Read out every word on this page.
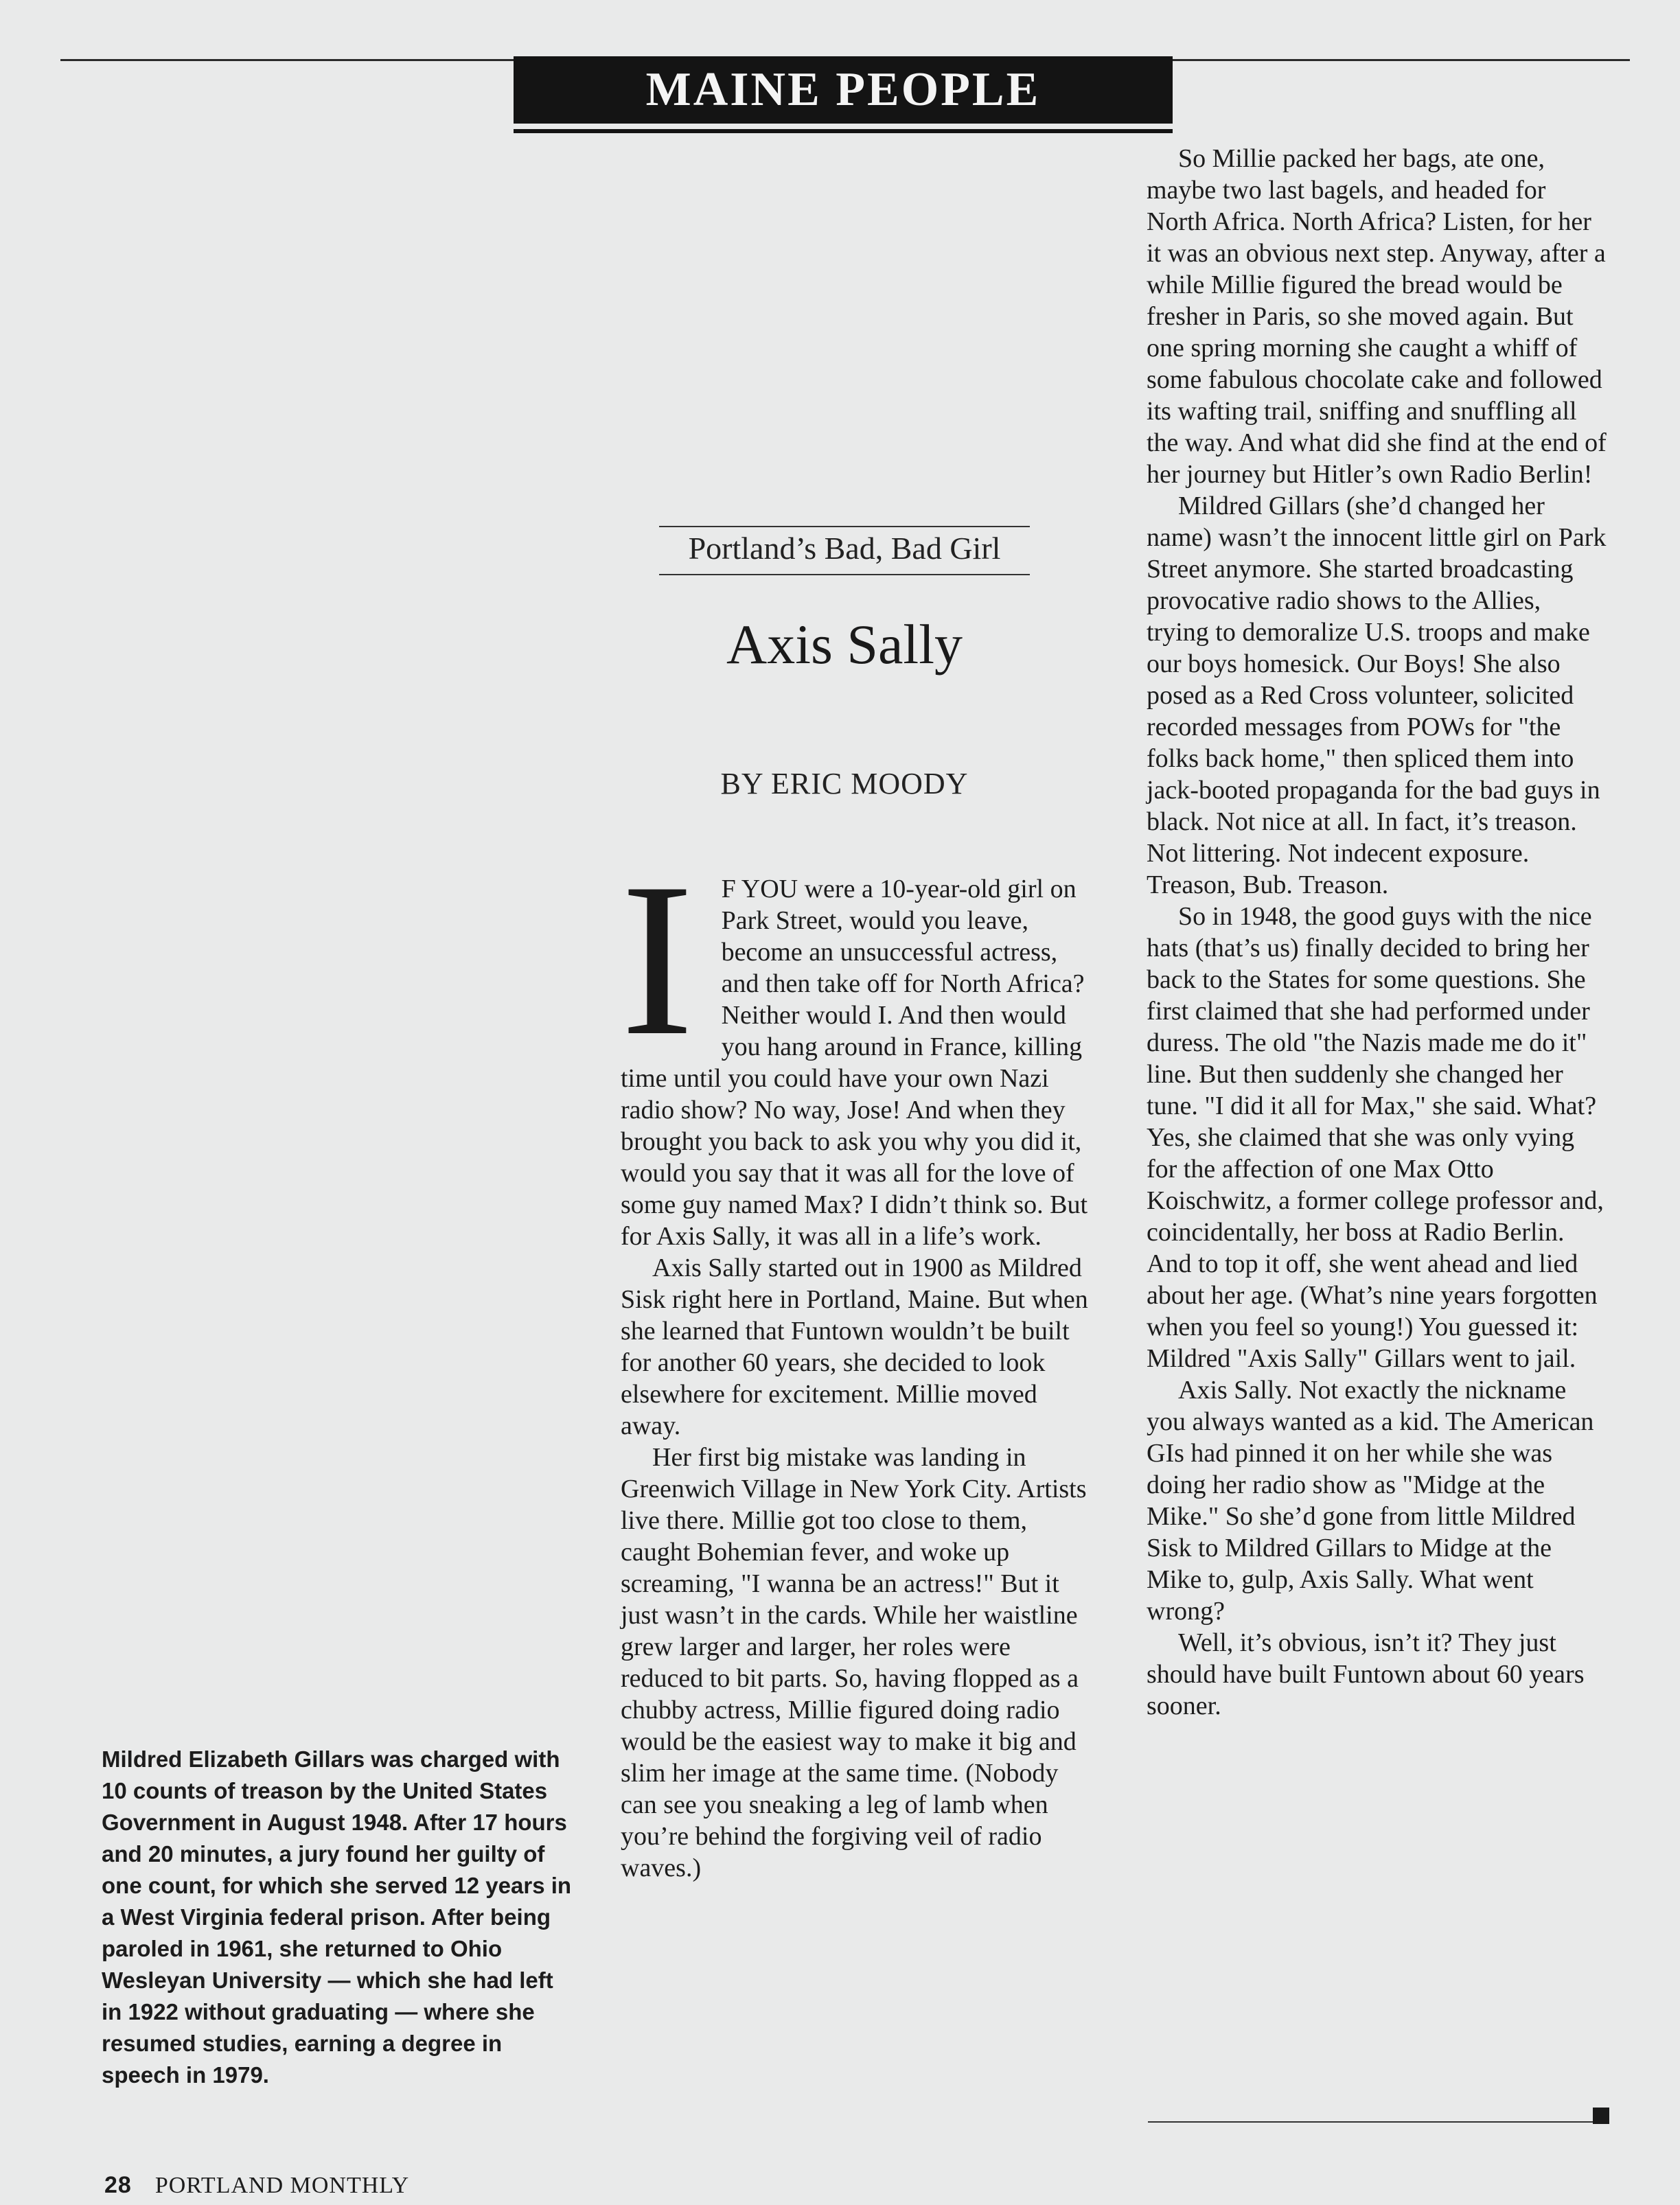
MAINE PEOPLE
Portland’s Bad, Bad Girl
Axis Sally
BY ERIC MOODY
I	F YOU were a 10-year-old girl on Park Street, would you leave, become an unsuccessful actress, and then take off for North Africa? Neither would I. And then would you hang around in France, killing time until you could have your own Nazi radio show? No way, Jose! And when they brought you back to ask you why you did it, would you say that it was all for the love of some guy named Max? I didn’t think so. But for Axis Sally, it was all in a life’s work.

Axis Sally started out in 1900 as Mildred Sisk right here in Portland, Maine. But when she learned that Funtown wouldn’t be built for another 60 years, she decided to look elsewhere for excitement. Millie moved away.

Her first big mistake was landing in Greenwich Village in New York City. Artists live there. Millie got too close to them, caught Bohemian fever, and woke up screaming, "I wanna be an actress!" But it just wasn’t in the cards. While her waistline grew larger and larger, her roles were reduced to bit parts. So, having flopped as a chubby actress, Millie figured doing radio would be the easiest way to make it big and slim her image at the same time. (Nobody can see you sneaking a leg of lamb when you’re behind the forgiving veil of radio waves.)

So Millie packed her bags, ate one, maybe two last bagels, and headed for North Africa. North Africa? Listen, for her it was an obvious next step. Anyway, after a while Millie figured the bread would be fresher in Paris, so she moved again. But one spring morning she caught a whiff of some fabulous chocolate cake and followed its wafting trail, sniffing and snuffling all the way. And what did she find at the end of her journey but Hitler’s own Radio Berlin!

Mildred Gillars (she’d changed her name) wasn’t the innocent little girl on Park Street anymore. She started broadcasting provocative radio shows to the Allies, trying to demoralize U.S. troops and make our boys homesick. Our Boys! She also posed as a Red Cross volunteer, solicited recorded messages from POWs for "the folks back home," then spliced them into jack-booted propaganda for the bad guys in black. Not nice at all. In fact, it’s treason. Not littering. Not indecent exposure. Treason, Bub. Treason.

So in 1948, the good guys with the nice hats (that’s us) finally decided to bring her back to the States for some questions. She first claimed that she had performed under duress. The old "the Nazis made me do it" line. But then suddenly she changed her tune. "I did it all for Max," she said. What? Yes, she claimed that she was only vying for the affection of one Max Otto Koischwitz, a former college professor and, coincidentally, her boss at Radio Berlin. And to top it off, she went ahead and lied about her age. (What’s nine years forgotten when you feel so young!) You guessed it: Mildred "Axis Sally" Gillars went to jail.

Axis Sally. Not exactly the nickname you always wanted as a kid. The American GIs had pinned it on her while she was doing her radio show as "Midge at the Mike." So she’d gone from little Mildred Sisk to Mildred Gillars to Midge at the Mike to, gulp, Axis Sally. What went wrong?

Well, it’s obvious, isn’t it? They just should have built Funtown about 60 years sooner.

Mildred Elizabeth Gillars was charged with 10 counts of treason by the United States Government in August 1948. After 17 hours and 20 minutes, a jury found her guilty of one count, for which she served 12 years in a West Virginia federal prison. After being paroled in 1961, she returned to Ohio Wesleyan University — which she had left in 1922 without graduating — where she resumed studies, earning a degree in speech in 1979.
28 PORTLAND MONTHLY
